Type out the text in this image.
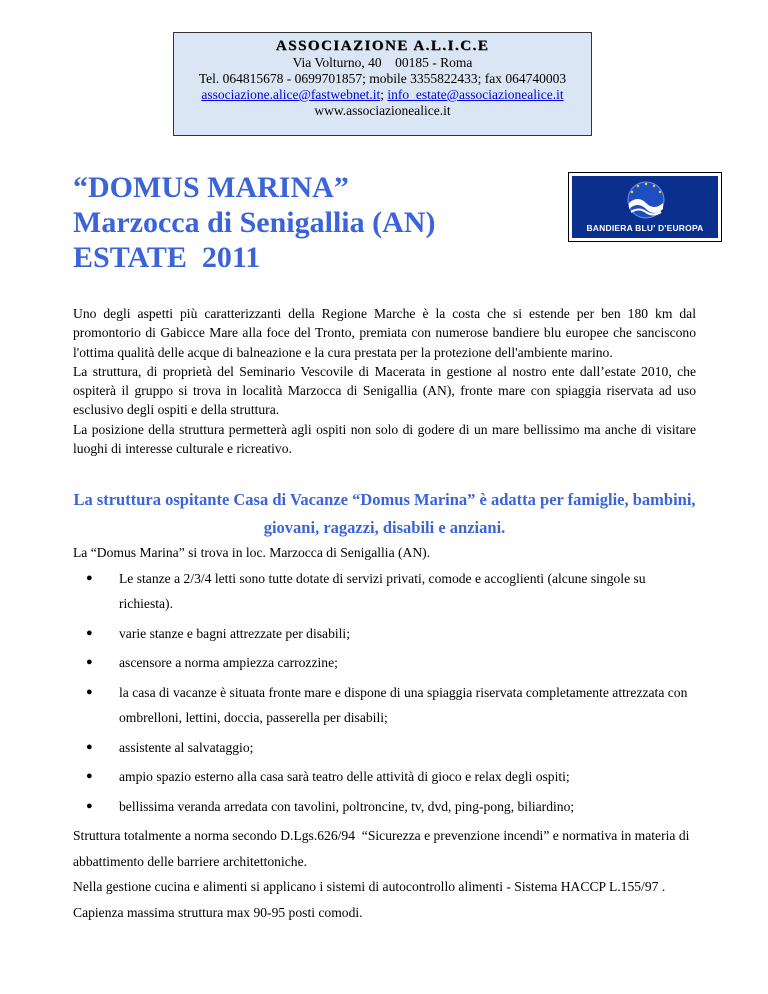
ASSOCIAZIONE A.L.I.C.E
Via Volturno, 40    00185 - Roma
Tel. 064815678 - 0699701857; mobile 3355822433; fax 064740003
associazione.alice@fastwebnet.it; info_estate@associazionealice.it
www.associazionealice.it
“DOMUS MARINA”
Marzocca di Senigallia (AN)
ESTATE  2011
BANDIERA BLU' D'EUROPA

Uno degli aspetti più caratterizzanti della Regione Marche è la costa che si estende per ben 180 km dal promontorio di Gabicce Mare alla foce del Tronto, premiata con numerose bandiere blu europee che sanciscono l'ottima qualità delle acque di balneazione e la cura prestata per la protezione dell'ambiente marino.

La struttura, di proprietà del Seminario Vescovile di Macerata in gestione al nostro ente dall’estate 2010, che ospiterà il gruppo si trova in località Marzocca di Senigallia (AN), fronte mare con spiaggia riservata ad uso esclusivo degli ospiti e della struttura.

La posizione della struttura permetterà agli ospiti non solo di godere di un mare bellissimo ma anche di visitare luoghi di interesse culturale e ricreativo.

La struttura ospitante Casa di Vacanze “Domus Marina” è adatta per famiglie, bambini, giovani, ragazzi, disabili e anziani.

La “Domus Marina” si trova in loc. Marzocca di Senigallia (AN).

● Le stanze a 2/3/4 letti sono tutte dotate di servizi privati, comode e accoglienti (alcune singole su richiesta).
● varie stanze e bagni attrezzate per disabili;
● ascensore a norma ampiezza carrozzine;
● la casa di vacanze è situata fronte mare e dispone di una spiaggia riservata completamente attrezzata con ombrelloni, lettini, doccia, passerella per disabili;
● assistente al salvataggio;
● ampio spazio esterno alla casa sarà teatro delle attività di gioco e relax degli ospiti;
● bellissima veranda arredata con tavolini, poltroncine, tv, dvd, ping-pong, biliardino;

Struttura totalmente a norma secondo D.Lgs.626/94  “Sicurezza e prevenzione incendi” e normativa in materia di abbattimento delle barriere architettoniche.

Nella gestione cucina e alimenti si applicano i sistemi di autocontrollo alimenti - Sistema HACCP L.155/97 .

Capienza massima struttura max 90-95 posti comodi.
